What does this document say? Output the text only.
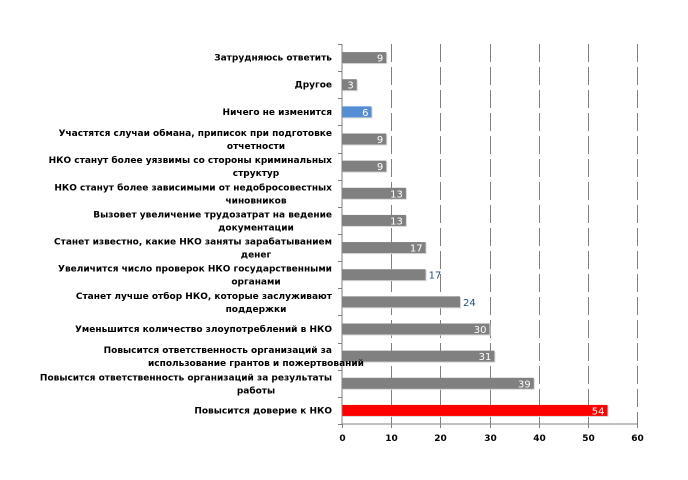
0	10	20	30	40	50	60
Затрудняюсь ответить
Другое
Ничего не изменится
Участятся случаи обмана, приписок при подготовке
отчетности
НКО станут более уязвимы со стороны криминальных
структур
НКО станут более зависимыми от недобросовестных
чиновников
Вызовет увеличение трудозатрат на ведение
документации
Станет известно, какие НКО заняты зарабатыванием
денег
Увеличится число проверок НКО государственными
органами
Станет лучше отбор НКО, которые заслуживают
поддержки
Уменьшится количество злоупотреблений в НКО
Повысится ответственность организаций за
использование грантов и пожертвований
Повысится ответственность организаций за результаты
работы
Повысится доверие к НКО
9
3
6
9
9
13
13
17
17
24
30
31
39
54
